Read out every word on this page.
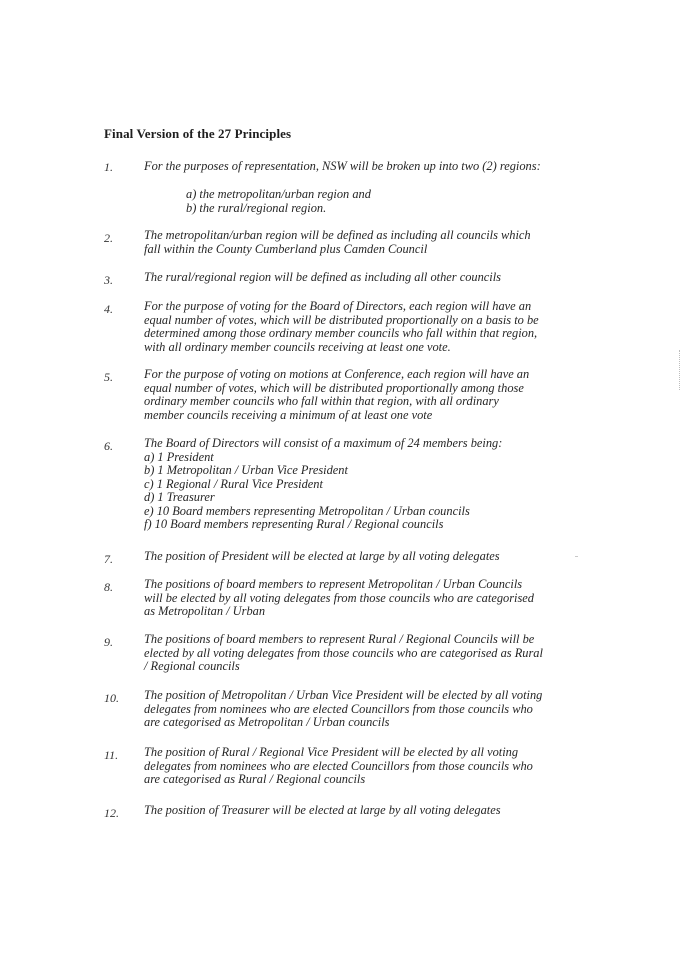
Final Version of the 27 Principles
1.	For the purposes of representation, NSW will be broken up into two (2) regions:

a) the metropolitan/urban region and
b) the rural/regional region.
2.	The metropolitan/urban region will be defined as including all councils which
fall within the County Cumberland plus Camden Council
3.	The rural/regional region will be defined as including all other councils
4.	For the purpose of voting for the Board of Directors, each region will have an
equal number of votes, which will be distributed proportionally on a basis to be
determined among those ordinary member councils who fall within that region,
with all ordinary member councils receiving at least one vote.
5.	For the purpose of voting on motions at Conference, each region will have an
equal number of votes, which will be distributed proportionally among those
ordinary member councils who fall within that region, with all ordinary
member councils receiving a minimum of at least one vote
6.	The Board of Directors will consist of a maximum of 24 members being:
a) 1 President
b) 1 Metropolitan / Urban Vice President
c) 1 Regional / Rural Vice President
d) 1 Treasurer
e) 10 Board members representing Metropolitan / Urban councils
f) 10 Board members representing Rural / Regional councils
7.	The position of President will be elected at large by all voting delegates
8.	The positions of board members to represent Metropolitan / Urban Councils
will be elected by all voting delegates from those councils who are categorised
as Metropolitan / Urban
9.	The positions of board members to represent Rural / Regional Councils will be
elected by all voting delegates from those councils who are categorised as Rural
/ Regional councils
10. The position of Metropolitan / Urban Vice President will be elected by all voting
delegates from nominees who are elected Councillors from those councils who
are categorised as Metropolitan / Urban councils
11. The position of Rural / Regional Vice President will be elected by all voting
delegates from nominees who are elected Councillors from those councils who
are categorised as Rural / Regional councils
12. The position of Treasurer will be elected at large by all voting delegates
